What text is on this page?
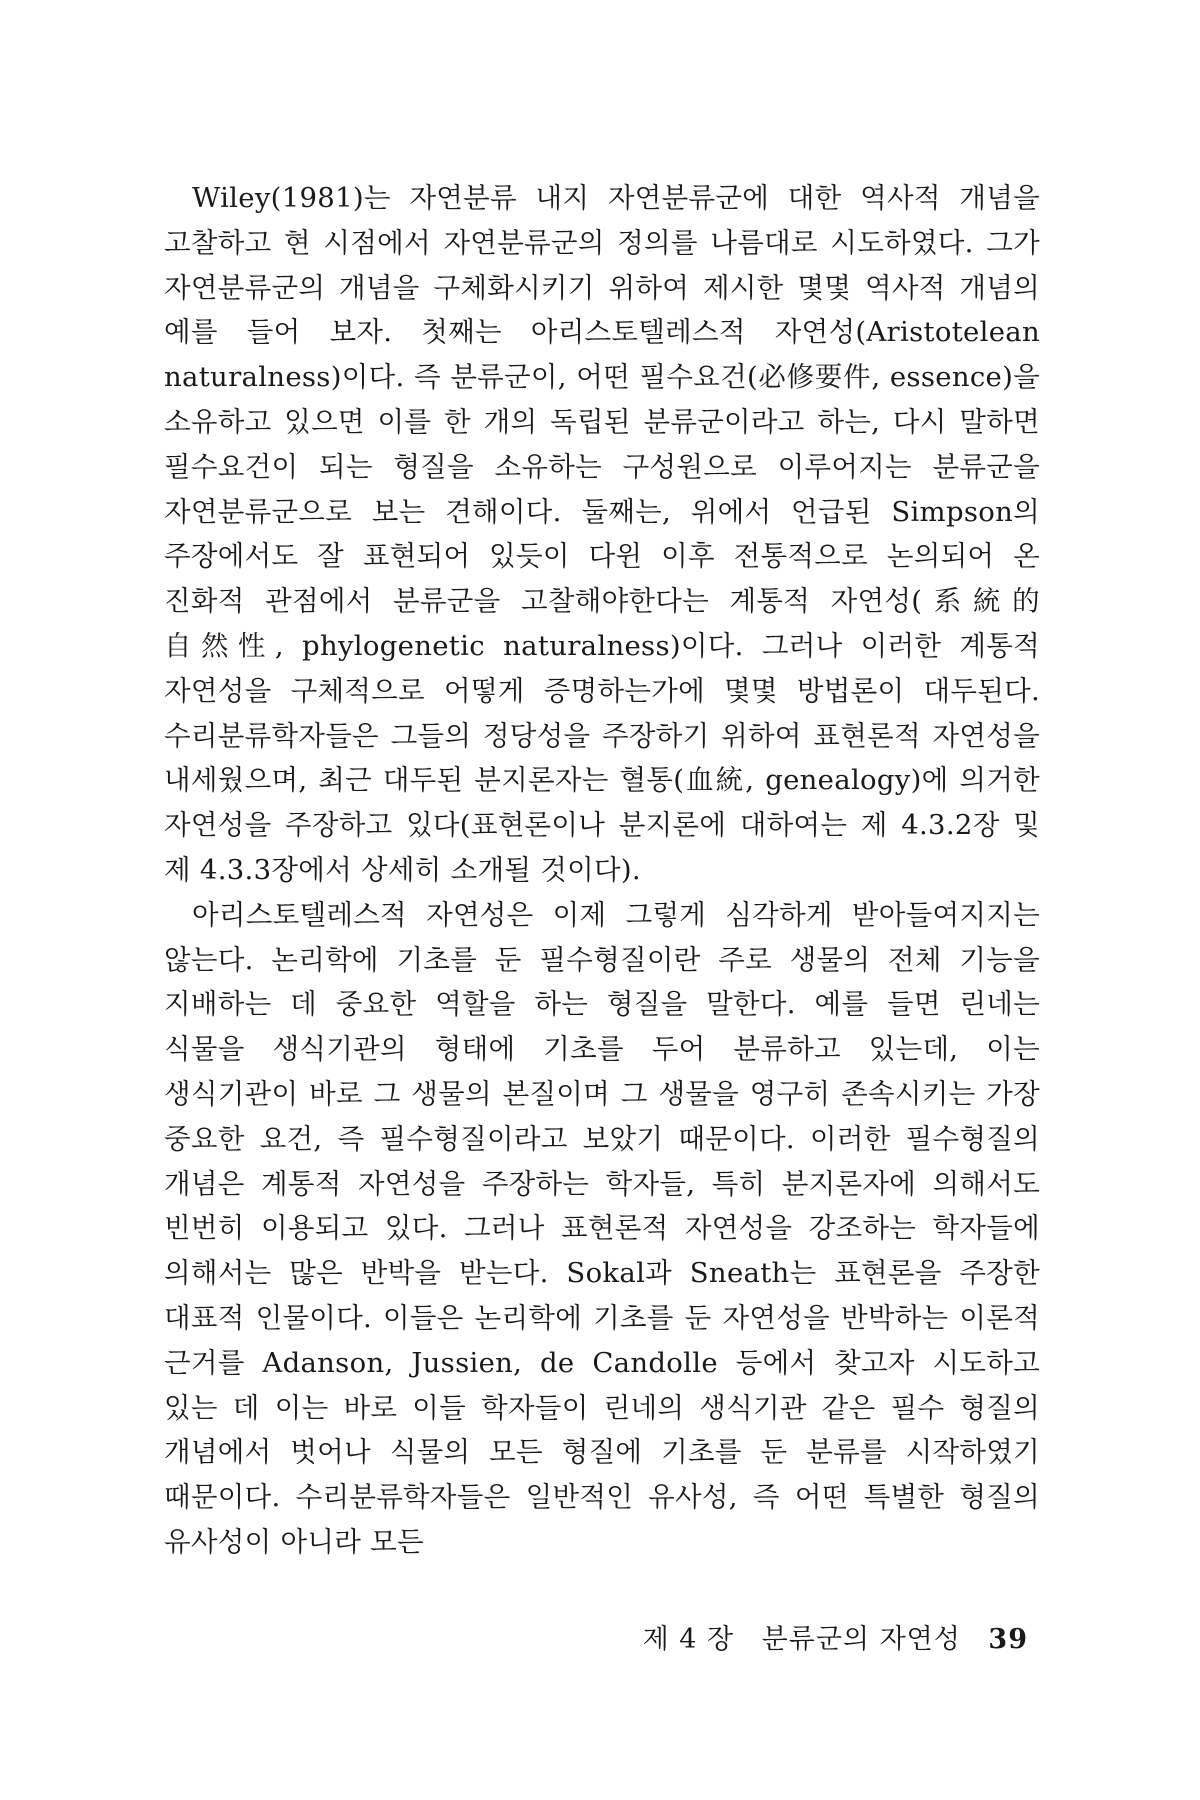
Wiley(1981)는 자연분류 내지 자연분류군에 대한 역사적 개념을 고찰하고 현 시점에서 자연분류군의 정의를 나름대로 시도하였다. 그가 자연분류군의 개념을 구체화시키기 위하여 제시한 몇몇 역사적 개념의 예를 들어 보자. 첫째는 아리스토텔레스적 자연성(Aristotelean naturalness)이다. 즉 분류군이, 어떤 필수요건(必修要件, essence)을 소유하고 있으면 이를 한 개의 독립된 분류군이라고 하는, 다시 말하면 필수요건이 되는 형질을 소유하는 구성원으로 이루어지는 분류군을 자연분류군으로 보는 견해이다. 둘째는, 위에서 언급된 Simpson의 주장에서도 잘 표현되어 있듯이 다윈 이후 전통적으로 논의되어 온 진화적 관점에서 분류군을 고찰해야한다는 계통적 자연성(系統的 自然性, phylogenetic naturalness)이다. 그러나 이러한 계통적 자연성을 구체적으로 어떻게 증명하는가에 몇몇 방법론이 대두된다. 수리분류학자들은 그들의 정당성을 주장하기 위하여 표현론적 자연성을 내세웠으며, 최근 대두된 분지론자는 혈통(血統, genealogy)에 의거한 자연성을 주장하고 있다(표현론이나 분지론에 대하여는 제 4.3.2장 및 제 4.3.3장에서 상세히 소개될 것이다).

아리스토텔레스적 자연성은 이제 그렇게 심각하게 받아들여지지는 않는다. 논리학에 기초를 둔 필수형질이란 주로 생물의 전체 기능을 지배하는 데 중요한 역할을 하는 형질을 말한다. 예를 들면 린네는 식물을 생식기관의 형태에 기초를 두어 분류하고 있는데, 이는 생식기관이 바로 그 생물의 본질이며 그 생물을 영구히 존속시키는 가장 중요한 요건, 즉 필수형질이라고 보았기 때문이다. 이러한 필수형질의 개념은 계통적 자연성을 주장하는 학자들, 특히 분지론자에 의해서도 빈번히 이용되고 있다. 그러나 표현론적 자연성을 강조하는 학자들에 의해서는 많은 반박을 받는다. Sokal과 Sneath는 표현론을 주장한 대표적 인물이다. 이들은 논리학에 기초를 둔 자연성을 반박하는 이론적 근거를 Adanson, Jussien, de Candolle 등에서 찾고자 시도하고 있는 데 이는 바로 이들 학자들이 린네의 생식기관 같은 필수 형질의 개념에서 벗어나 식물의 모든 형질에 기초를 둔 분류를 시작하였기 때문이다. 수리분류학자들은 일반적인 유사성, 즉 어떤 특별한 형질의 유사성이 아니라 모든

제 4 장 분류군의 자연성 39
